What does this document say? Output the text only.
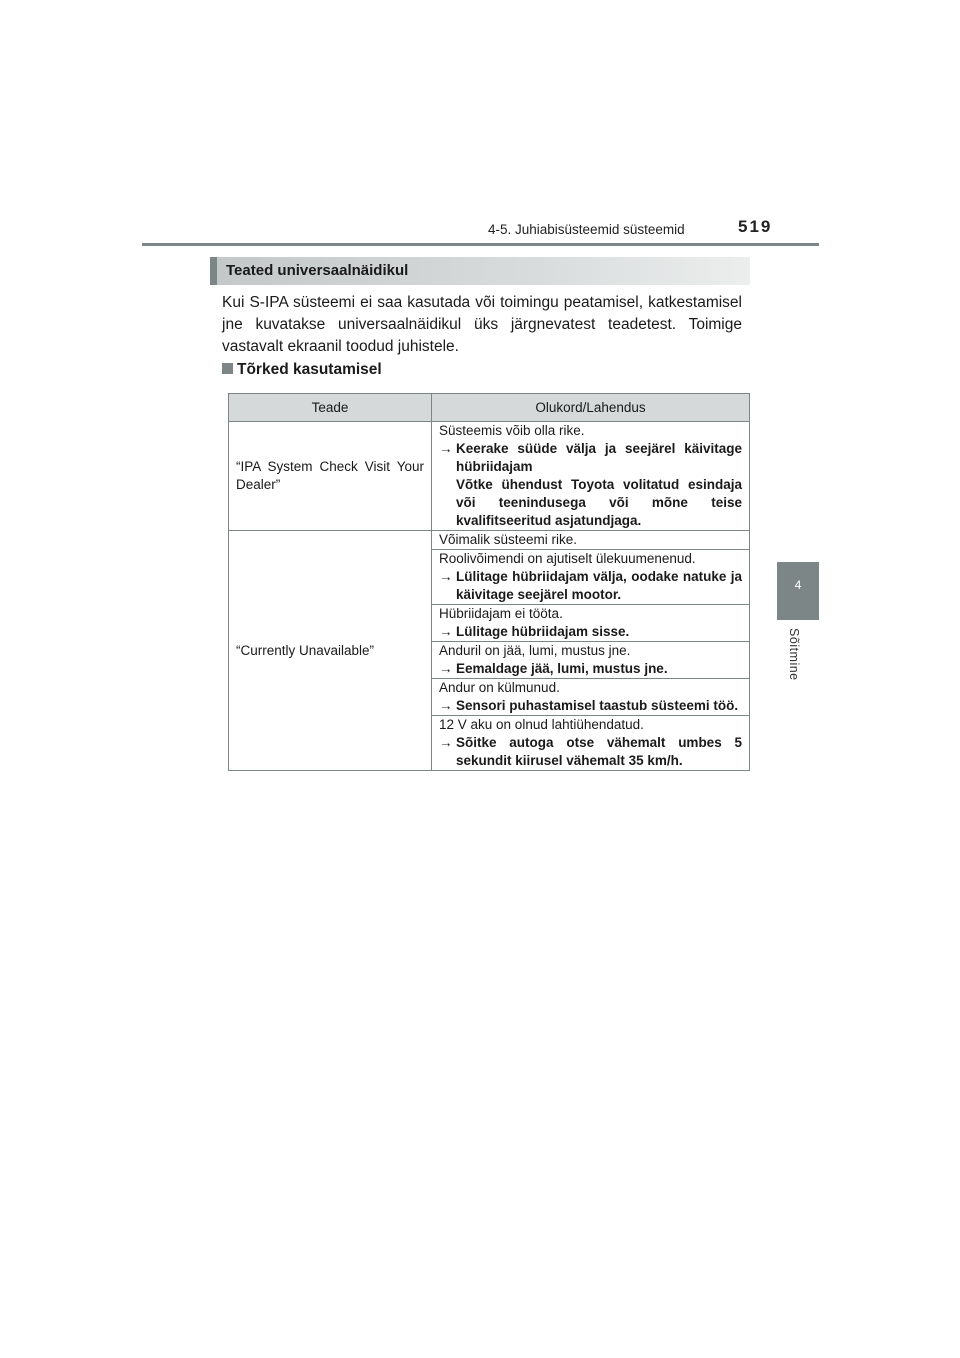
4-5. Juhiabisüsteemid süsteemid	519
4
Sõitmine
Teated universaalnäidikul
Kui S-IPA süsteemi ei saa kasutada või toimingu peatamisel, katkestamisel jne kuvatakse universaalnäidikul üks järgnevatest teadetest. Toimige vastavalt ekraanil toodud juhistele.
Tõrked kasutamisel
Teade	Olukord/Lahendus

“IPA System Check Visit Your Dealer”	Süsteemis võib olla rike.
→ Keerake süüde välja ja seejärel käivitage hübriidajam
Võtke ühendust Toyota volitatud esindaja või teenindusega või mõne teise kvalifitseeritud asjatundjaga.

“Currently Unavailable”	Võimalik süsteemi rike.

	Roolivõimendi on ajutiselt ülekuumenenud.
→ Lülitage hübriidajam välja, oodake natuke ja käivitage seejärel mootor.

	Hübriidajam ei tööta.
→ Lülitage hübriidajam sisse.

	Anduril on jää, lumi, mustus jne.
→ Eemaldage jää, lumi, mustus jne.

	Andur on külmunud.
→ Sensori puhastamisel taastub süsteemi töö.

	12 V aku on olnud lahtiühendatud.
→ Sõitke autoga otse vähemalt umbes 5 sekundit kiirusel vähemalt 35 km/h.
